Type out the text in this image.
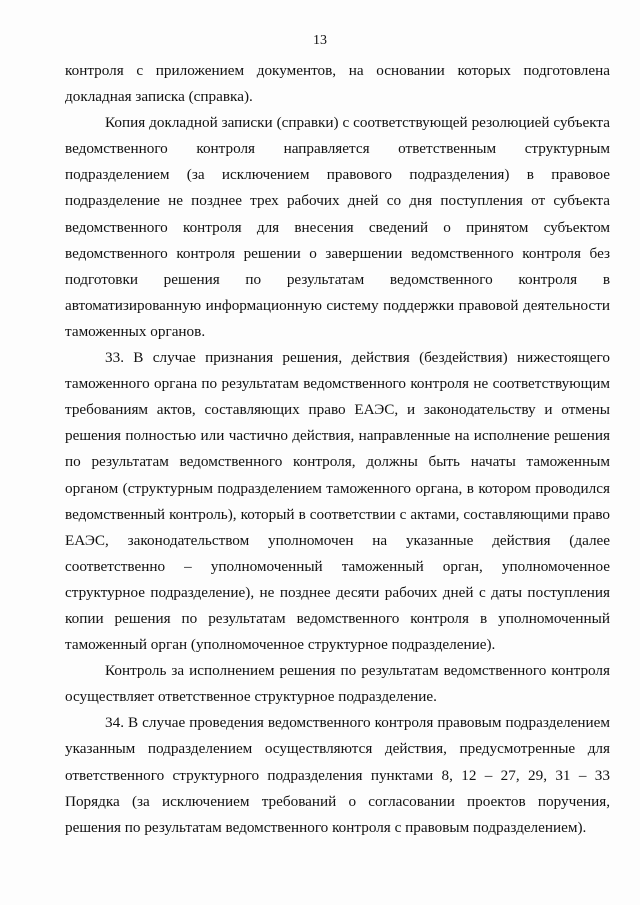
13

контроля с приложением документов, на основании которых подготовлена докладная записка (справка).

Копия докладной записки (справки) с соответствующей резолюцией субъекта ведомственного контроля направляется ответственным структурным подразделением (за исключением правового подразделения) в правовое подразделение не позднее трех рабочих дней со дня поступления от субъекта ведомственного контроля для внесения сведений о принятом субъектом ведомственного контроля решении о завершении ведомственного контроля без подготовки решения по результатам ведомственного контроля в автоматизированную информационную систему поддержки правовой деятельности таможенных органов.

33. В случае признания решения, действия (бездействия) нижестоящего таможенного органа по результатам ведомственного контроля не соответствующим требованиям актов, составляющих право ЕАЭС, и законодательству и отмены решения полностью или частично действия, направленные на исполнение решения по результатам ведомственного контроля, должны быть начаты таможенным органом (структурным подразделением таможенного органа, в котором проводился ведомственный контроль), который в соответствии с актами, составляющими право ЕАЭС, законодательством уполномочен на указанные действия (далее соответственно – уполномоченный таможенный орган, уполномоченное структурное подразделение), не позднее десяти рабочих дней с даты поступления копии решения по результатам ведомственного контроля в уполномоченный таможенный орган (уполномоченное структурное подразделение).

Контроль за исполнением решения по результатам ведомственного контроля осуществляет ответственное структурное подразделение.

34. В случае проведения ведомственного контроля правовым подразделением указанным подразделением осуществляются действия, предусмотренные для ответственного структурного подразделения пунктами 8, 12 – 27, 29, 31 – 33 Порядка (за исключением требований о согласовании проектов поручения, решения по результатам ведомственного контроля с правовым подразделением).
